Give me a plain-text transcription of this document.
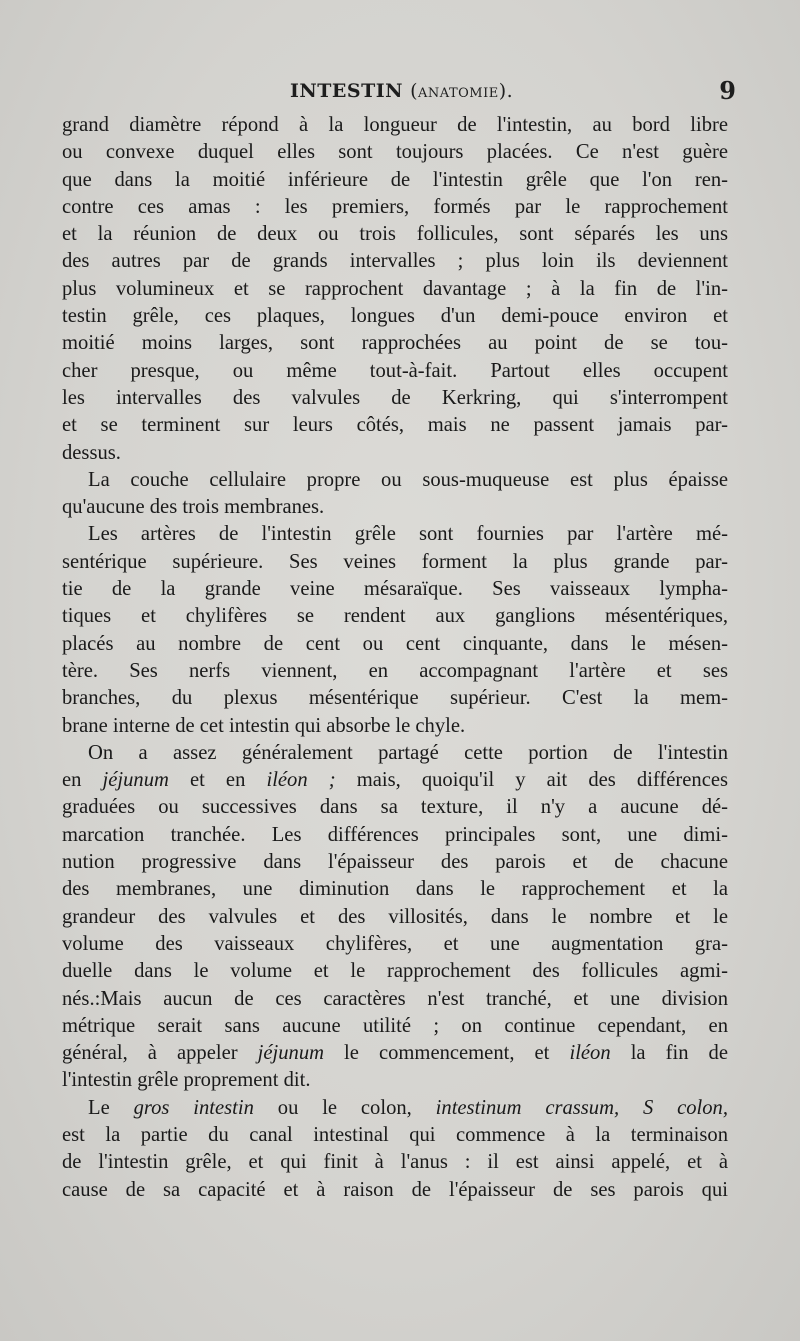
INTESTIN (anatomie).	9

grand diamètre répond à la longueur de l'intestin, au bord libre
ou convexe duquel elles sont toujours placées. Ce n'est guère
que dans la moitié inférieure de l'intestin grêle que l'on ren-
contre ces amas : les premiers, formés par le rapprochement
et la réunion de deux ou trois follicules, sont séparés les uns
des autres par de grands intervalles ; plus loin ils deviennent
plus volumineux et se rapprochent davantage ; à la fin de l'in-
testin grêle, ces plaques, longues d'un demi-pouce environ et
moitié moins larges, sont rapprochées au point de se tou-
cher presque, ou même tout-à-fait. Partout elles occupent
les intervalles des valvules de Kerkring, qui s'interrompent
et se terminent sur leurs côtés, mais ne passent jamais par-
dessus.

La couche cellulaire propre ou sous-muqueuse est plus épaisse
qu'aucune des trois membranes.

Les artères de l'intestin grêle sont fournies par l'artère mé-
sentérique supérieure. Ses veines forment la plus grande par-
tie de la grande veine mésaraïque. Ses vaisseaux lympha-
tiques et chylifères se rendent aux ganglions mésentériques,
placés au nombre de cent ou cent cinquante, dans le mésen-
tère. Ses nerfs viennent, en accompagnant l'artère et ses
branches, du plexus mésentérique supérieur. C'est la mem-
brane interne de cet intestin qui absorbe le chyle.

On a assez généralement partagé cette portion de l'intestin
en jéjunum et en iléon ; mais, quoiqu'il y ait des différences
graduées ou successives dans sa texture, il n'y a aucune dé-
marcation tranchée. Les différences principales sont, une dimi-
nution progressive dans l'épaisseur des parois et de chacune
des membranes, une diminution dans le rapprochement et la
grandeur des valvules et des villosités, dans le nombre et le
volume des vaisseaux chylifères, et une augmentation gra-
duelle dans le volume et le rapprochement des follicules agmi-
nés.:Mais aucun de ces caractères n'est tranché, et une division
métrique serait sans aucune utilité ; on continue cependant, en
général, à appeler jéjunum le commencement, et iléon la fin de
l'intestin grêle proprement dit.

Le gros intestin ou le colon, intestinum crassum, S colon,
est la partie du canal intestinal qui commence à la terminaison
de l'intestin grêle, et qui finit à l'anus : il est ainsi appelé, et à
cause de sa capacité et à raison de l'épaisseur de ses parois qui
